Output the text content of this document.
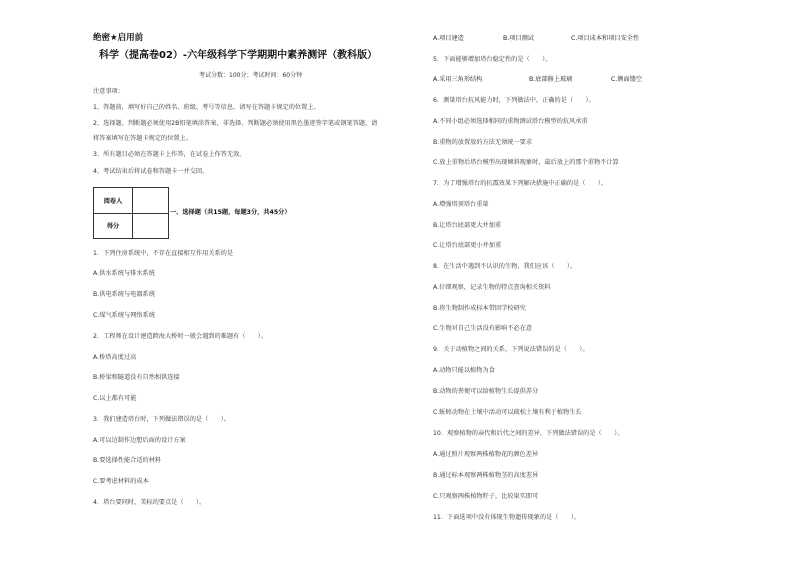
绝密★启用前
科学（提高卷02）-六年级科学下学期期中素养测评（教科版）
考试分数：100分；考试时间：60分钟
注意事项：
1、答题前，填写好自己的姓名、班级、考号等信息，请写在答题卡规定的位置上。
2、选择题、判断题必须使用2B铅笔填涂答案，非选择、判断题必须使用黑色墨迹签字笔或钢笔答题，请
将答案填写在答题卡规定的位置上。
3、所有题目必须在答题卡上作答，在试卷上作答无效。
4、考试结束后将试卷和答题卡一并交回。
阅卷人	
得分	
一、选择题（共15题，每题3分，共45分）
1．下列住房系统中，不存在直接相互作用关系的是
A.供水系统与排水系统
B.供电系统与电器系统
C.煤气系统与网络系统
2．工程师在设计建造跨海大桥时一般会遇到的难题有（　　）。
A.桥塔高度过高
B.桥梁和隧道没有自然相供连接
C.以上都有可能
3．我们建造塔台时，下列做法错误的是（　　）。
A.可以边制作边想后面的设计方案
B.要选择性能合适的材料
C.要考虑材料的成本
4．塔台要同时，美标的要点是（　　）。
A.项目建造	B.项目测试	C.项目成本和项目安全性
5．下面能够增加塔台稳定性的是（　　）。
A.采用三角形结构	B.底部修上玻璃	C.侧面镂空
6．测量塔台抗风能力时，下列做法中，正确的是（　　）。
A.不同小组必须选择相同的重物测试塔台模型的抗风承重
B.重物的放置放的方法无须统一要求
C.放上重物后塔台模型出现倾斜现象时，最后放上的那个重物不计算
7．为了增强塔台的抗震效果下列解决措施中正确的是（　　）。
A.增强塔顶塔台重量
B.让塔台底部更大并加重
C.让塔台底部更小并加重
8．在生活中遇到不认识的生物，我们应该（　　）。
A.仔细观察，记录生物的特点查询相关资料
B.将生物制作成标本带回学校研究
C.生物对自己生活没有影响不必在意
9．关于动植物之间的关系，下列说法错误的是（　　）。
A.动物只能以植物为食
B.动物的粪便可以给植物生长提供养分
C.蚯蚓动物在土壤中活动可以疏松土壤有利于植物生长
10．观察植物的亲代和后代之间的差异，下列做法错误的是（　　）。
A.通过照片观察两株植物花的颜色差异
B.通过标本观察两株植物茎的高度差异
C.只观察两株植物籽子，比较果实即可
11．下面选项中没有体现生物遗传现象的是（　　）。
